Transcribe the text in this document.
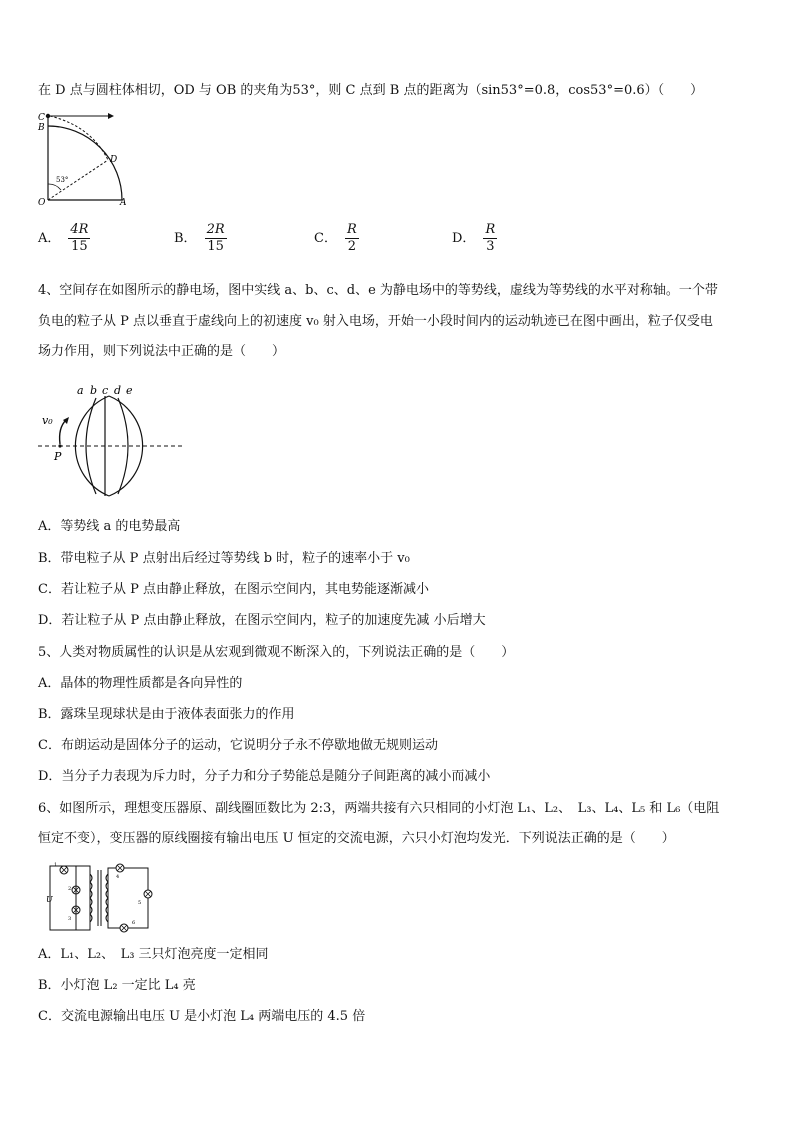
在 D 点与圆柱体相切，OD 与 OB 的夹角为53°，则 C 点到 B 点的距离为（sin53°=0.8，cos53°=0.6）（　　）
C
B
D
O	A
53°
A． $\frac{4R}{15}$	B． $\frac{2R}{15}$	C． $\frac{R}{2}$	D． $\frac{R}{3}$
4、空间存在如图所示的静电场，图中实线 a、b、c、d、e 为静电场中的等势线，虚线为等势线的水平对称轴。一个带
负电的粒子从 P 点以垂直于虚线向上的初速度 v₀ 射入电场，开始一小段时间内的运动轨迹已在图中画出，粒子仅受电
场力作用，则下列说法中正确的是（　　）
a b c d e
v₀
P
A．等势线 a 的电势最高
B．带电粒子从 P 点射出后经过等势线 b 时，粒子的速率小于 v₀
C．若让粒子从 P 点由静止释放，在图示空间内，其电势能逐渐减小
D．若让粒子从 P 点由静止释放，在图示空间内，粒子的加速度先减 小后增大
5、人类对物质属性的认识是从宏观到微观不断深入的，下列说法正确的是（　　）
A．晶体的物理性质都是各向异性的
B．露珠呈现球状是由于液体表面张力的作用
C．布朗运动是固体分子的运动，它说明分子永不停歇地做无规则运动
D．当分子力表现为斥力时，分子力和分子势能总是随分子间距离的减小而减小
6、如图所示，理想变压器原、副线圈匝数比为 2:3，两端共接有六只相同的小灯泡 L₁、L₂、　L₃、L₄、L₅ 和 L₆（电阻
恒定不变），变压器的原线圈接有输出电压 U 恒定的交流电源，六只小灯泡均发光．下列说法正确的是（　　）
U
1
2
3
4
5
6
A．L₁、L₂、　L₃ 三只灯泡亮度一定相同
B．小灯泡 L₂ 一定比 L₄ 亮
C．交流电源输出电压 U 是小灯泡 L₄ 两端电压的 4.5 倍
